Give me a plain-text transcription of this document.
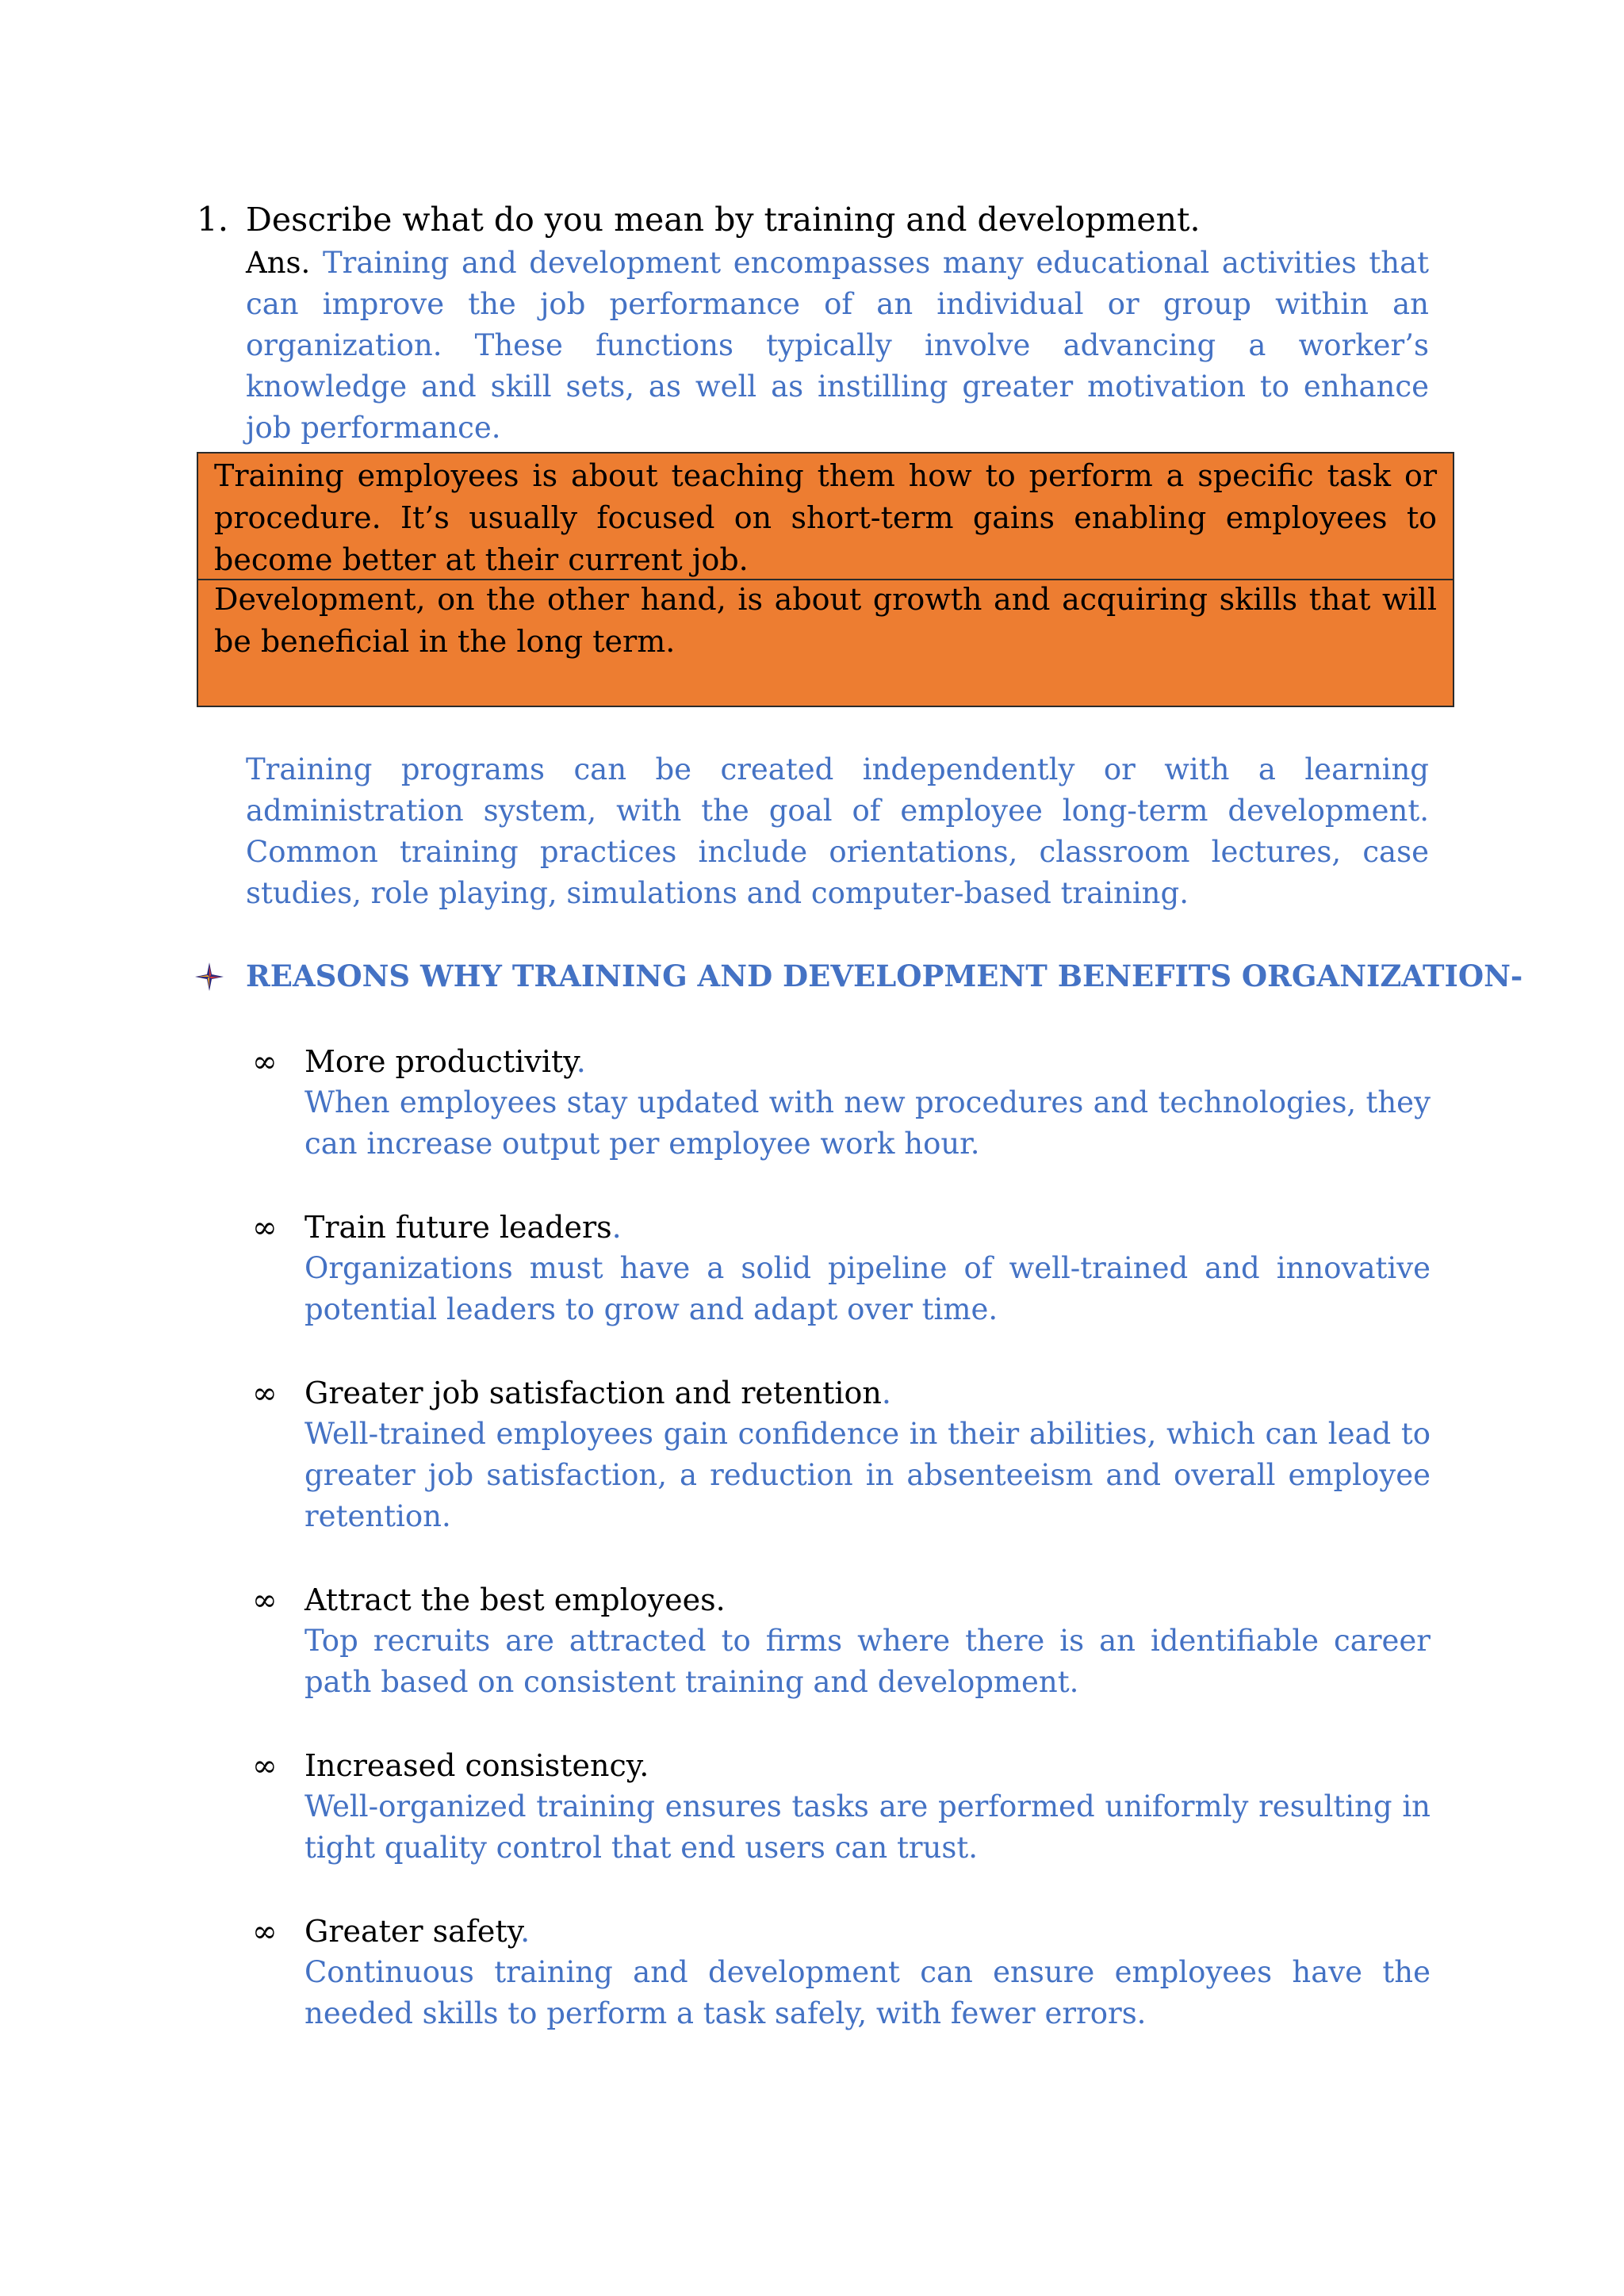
1. Describe what do you mean by training and development.
Ans. Training and development encompasses many educational activities that can improve the job performance of an individual or group within an organization. These functions typically involve advancing a worker’s knowledge and skill sets, as well as instilling greater motivation to enhance job performance.
Training employees is about teaching them how to perform a specific task or procedure. It’s usually focused on short-term gains enabling employees to become better at their current job.
Development, on the other hand, is about growth and acquiring skills that will be beneficial in the long term.
Training programs can be created independently or with a learning administration system, with the goal of employee long-term development. Common training practices include orientations, classroom lectures, case studies, role playing, simulations and computer-based training.
REASONS WHY TRAINING AND DEVELOPMENT BENEFITS ORGANIZATION-
∞ More productivity.
When employees stay updated with new procedures and technologies, they can increase output per employee work hour.
∞ Train future leaders.
Organizations must have a solid pipeline of well-trained and innovative potential leaders to grow and adapt over time.
∞ Greater job satisfaction and retention.
Well-trained employees gain confidence in their abilities, which can lead to greater job satisfaction, a reduction in absenteeism and overall employee retention.
∞ Attract the best employees.
Top recruits are attracted to firms where there is an identifiable career path based on consistent training and development.
∞ Increased consistency.
Well-organized training ensures tasks are performed uniformly resulting in tight quality control that end users can trust.
∞ Greater safety.
Continuous training and development can ensure employees have the needed skills to perform a task safely, with fewer errors.
